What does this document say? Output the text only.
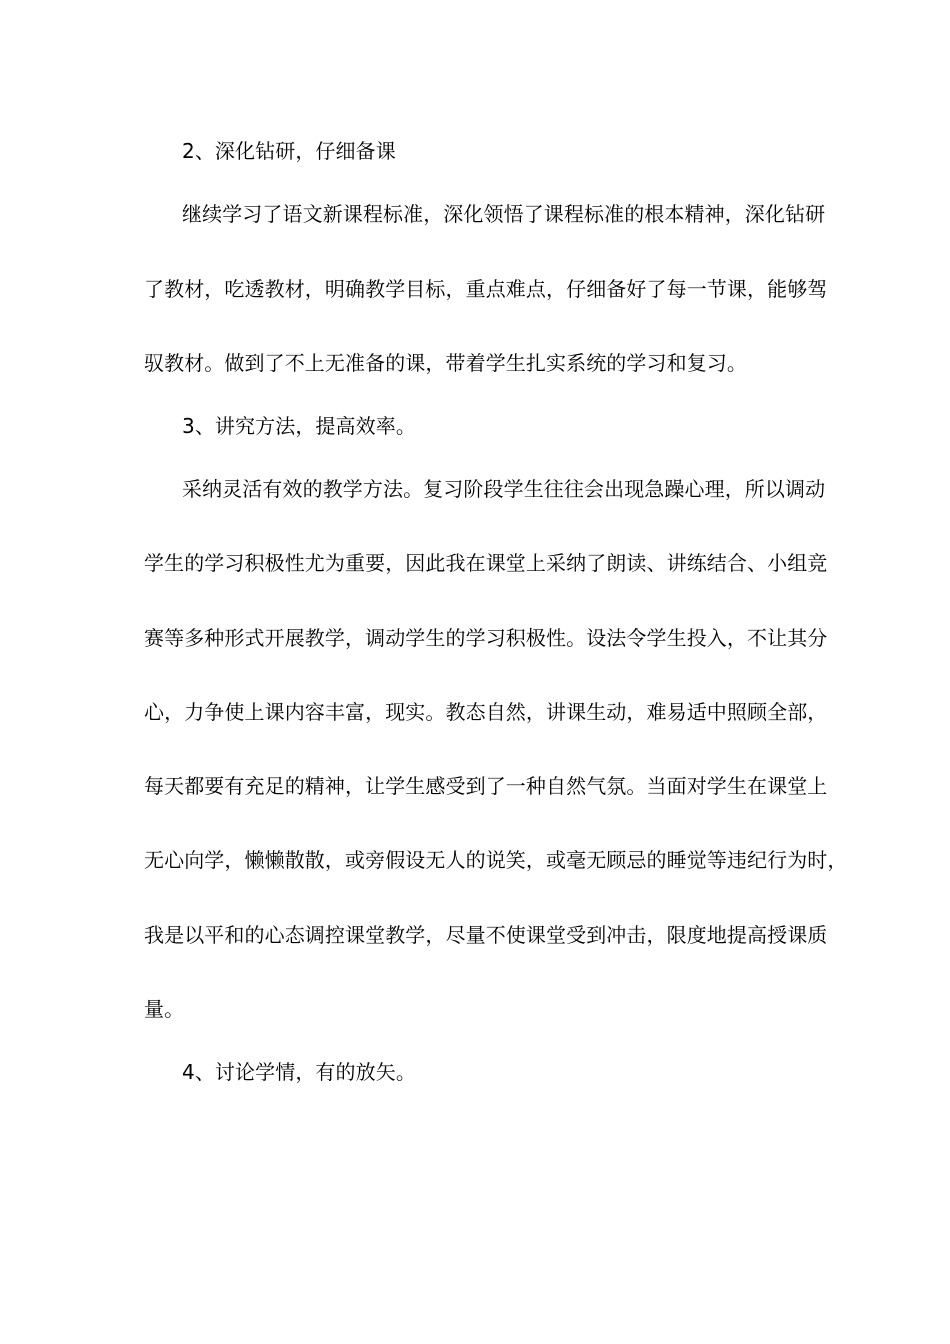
2、深化钻研，仔细备课
继续学习了语文新课程标准，深化领悟了课程标准的根本精神，深化钻研
了教材，吃透教材，明确教学目标，重点难点，仔细备好了每一节课，能够驾
驭教材。做到了不上无准备的课，带着学生扎实系统的学习和复习。
3、讲究方法，提高效率。
采纳灵活有效的教学方法。复习阶段学生往往会出现急躁心理，所以调动
学生的学习积极性尤为重要，因此我在课堂上采纳了朗读、讲练结合、小组竞
赛等多种形式开展教学，调动学生的学习积极性。设法令学生投入，不让其分
心，力争使上课内容丰富，现实。教态自然，讲课生动，难易适中照顾全部，
每天都要有充足的精神，让学生感受到了一种自然气氛。当面对学生在课堂上
无心向学，懒懒散散，或旁假设无人的说笑，或毫无顾忌的睡觉等违纪行为时，
我是以平和的心态调控课堂教学，尽量不使课堂受到冲击，限度地提高授课质
量。
4、讨论学情，有的放矢。
